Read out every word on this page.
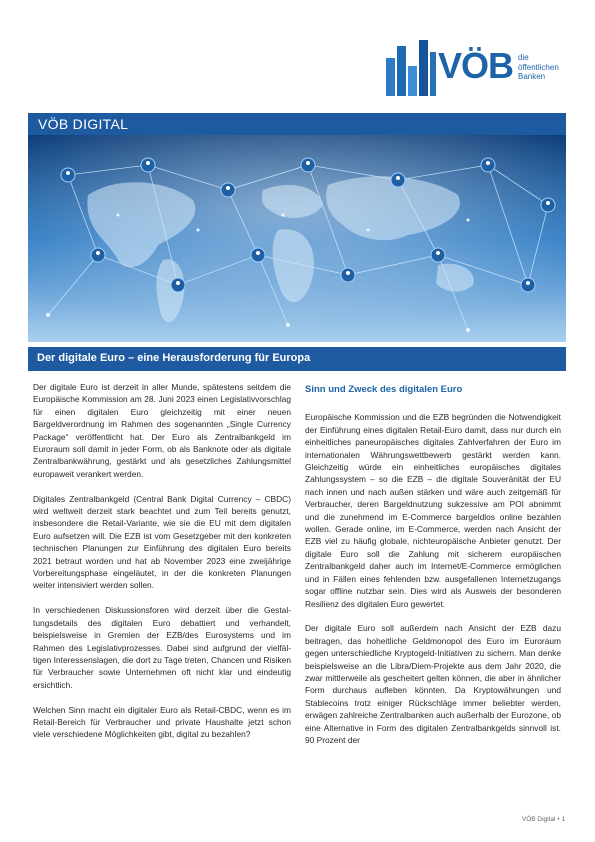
VÖB die
öffentlichen
Banken
VÖB DIGITAL
Der digitale Euro – eine Herausforderung für Europa

Der digitale Euro ist derzeit in aller Munde, spätestens seitdem die Europäische Kommission am 28. Juni 2023 einen Legislativvorschlag für einen digitalen Euro gleichzeitig mit einer neuen Bargeldverordnung im Rahmen des sogenannten „Single Currency Package“ veröffentlicht hat. Der Euro als Zentralbankgeld im Euroraum soll damit in jeder Form, ob als Banknote oder als digitale Zentralbankwährung, gestärkt und als gesetzliches Zahlungsmittel europaweit verankert werden.

Digitales Zentralbankgeld (Central Bank Digital Currency – CBDC) wird weltweit derzeit stark beachtet und zum Teil bereits genutzt, insbesondere die Retail-Variante, wie sie die EU mit dem digitalen Euro aufsetzen will. Die EZB ist vom Gesetzgeber mit den konkreten technischen Planungen zur Einführung des digitalen Euro bereits 2021 betraut worden und hat ab November 2023 eine zweijährige Vorbereitungsphase eingeläutet, in der die konkreten Planungen weiter intensiviert werden sollen.

In verschiedenen Diskussionsforen wird derzeit über die Gestaltungsdetails des digitalen Euro debattiert und verhandelt, beispielsweise in Gremien der EZB/des Eurosystems und im Rahmen des Legislativprozesses. Dabei sind aufgrund der vielfältigen Interessenslagen, die dort zu Tage treten, Chancen und Risiken für Verbraucher sowie Unternehmen oft nicht klar und eindeutig ersichtlich.

Welchen Sinn macht ein digitaler Euro als Retail-CBDC, wenn es im Retail-Bereich für Verbraucher und private Haushalte jetzt schon viele verschiedene Möglichkeiten gibt, digital zu bezahlen?

Sinn und Zweck des digitalen Euro

Europäische Kommission und die EZB begründen die Notwendigkeit der Einführung eines digitalen Retail-Euro damit, dass nur durch ein einheitliches paneuropäisches digitales Zahlverfahren der Euro im internationalen Währungswettbewerb gestärkt werden kann. Gleichzeitig würde ein einheitliches europäisches digitales Zahlungssystem – so die EZB – die digitale Souveränität der EU nach innen und nach außen stärken und wäre auch zeitgemäß für Verbraucher, deren Bargeldnutzung sukzessive am POI abnimmt und die zunehmend im E-Commerce bargeldlos online bezahlen wollen. Gerade online, im E-Commerce, werden nach Ansicht der EZB viel zu häufig globale, nichteuropäische Anbieter genutzt. Der digitale Euro soll die Zahlung mit sicherem europäischen Zentralbankgeld daher auch im Internet/E-Commerce ermöglichen und in Fällen eines fehlenden bzw. ausgefallenen Internetzugangs sogar offline nutzbar sein. Dies wird als Ausweis der besonderen Resilienz des digitalen Euro gewertet.

Der digitale Euro soll außerdem nach Ansicht der EZB dazu beitragen, das hoheitliche Geldmonopol des Euro im Euroraum gegen unterschiedliche Kryptogeld-Initiativen zu sichern. Man denke beispielsweise an die Libra/Diem-Projekte aus dem Jahr 2020, die zwar mittlerweile als gescheitert gelten können, die aber in ähnlicher Form durchaus aufleben könnten. Da Kryptowährungen und Stablecoins trotz einiger Rückschläge immer beliebter werden, erwägen zahlreiche Zentralbanken auch außerhalb der Eurozone, ob eine Alternative in Form des digitalen Zentralbankgelds sinnvoll ist. 90 Prozent der

VÖB Digital • 1
